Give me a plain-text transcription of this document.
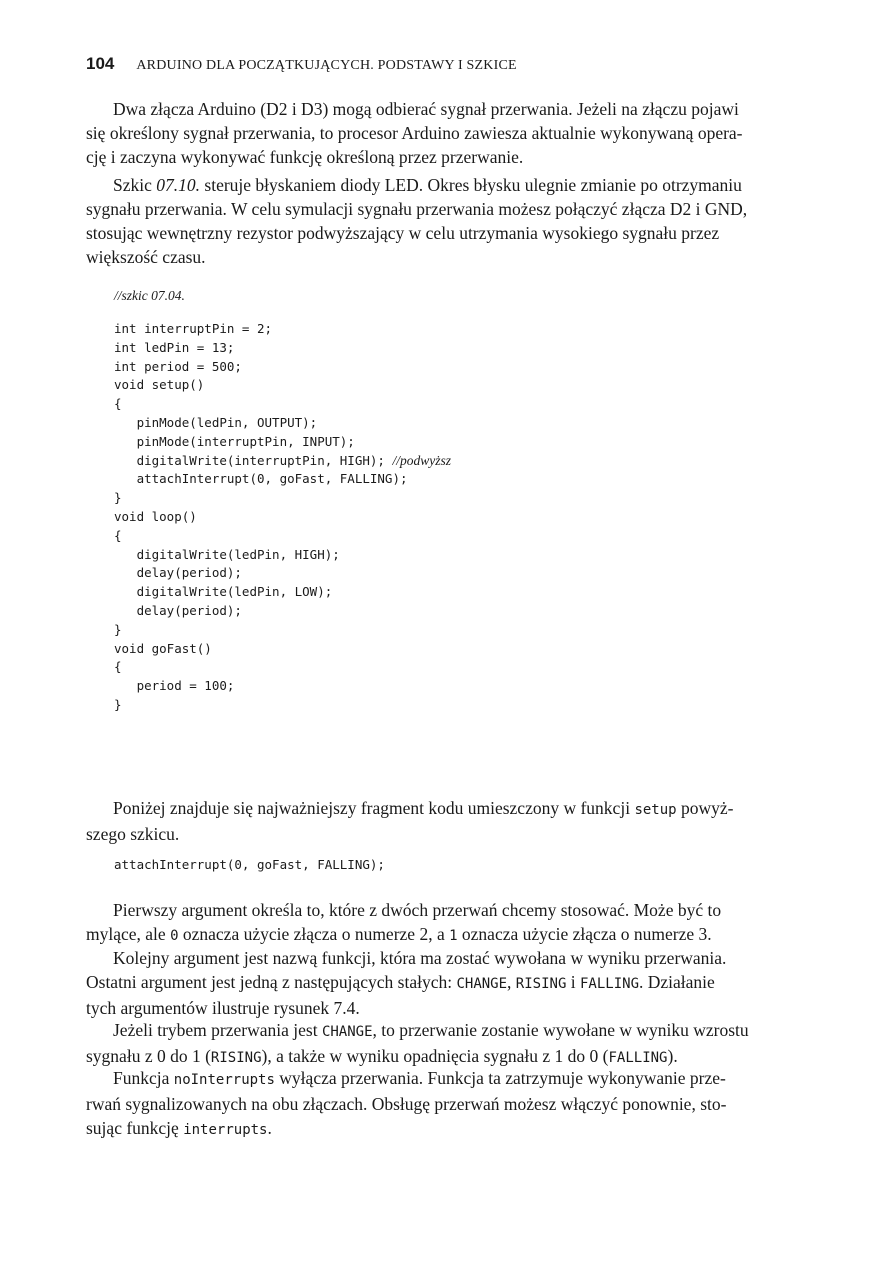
104 ARDUINO DLA POCZĄTKUJĄCYCH. PODSTAWY I SZKICE

Dwa złącza Arduino (D2 i D3) mogą odbierać sygnał przerwania. Jeżeli na złączu pojawi
się określony sygnał przerwania, to procesor Arduino zawiesza aktualnie wykonywaną opera-
cję i zaczyna wykonywać funkcję określoną przez przerwanie.

Szkic 07.10. steruje błyskaniem diody LED. Okres błysku ulegnie zmianie po otrzymaniu
sygnału przerwania. W celu symulacji sygnału przerwania możesz połączyć złącza D2 i GND,
stosując wewnętrzny rezystor podwyższający w celu utrzymania wysokiego sygnału przez
większość czasu.

//szkic 07.04.
int interruptPin = 2;
int ledPin = 13;
int period = 500;
void setup()
{
pinMode(ledPin, OUTPUT);
pinMode(interruptPin, INPUT);
digitalWrite(interruptPin, HIGH); //podwyższ
attachInterrupt(0, goFast, FALLING);
}
void loop()
{
digitalWrite(ledPin, HIGH);
delay(period);
digitalWrite(ledPin, LOW);
delay(period);
}
void goFast()
{
period = 100;
}

Poniżej znajduje się najważniejszy fragment kodu umieszczony w funkcji setup powyż-
szego szkicu.

attachInterrupt(0, goFast, FALLING);

Pierwszy argument określa to, które z dwóch przerwań chcemy stosować. Może być to
mylące, ale 0 oznacza użycie złącza o numerze 2, a 1 oznacza użycie złącza o numerze 3.

Kolejny argument jest nazwą funkcji, która ma zostać wywołana w wyniku przerwania.
Ostatni argument jest jedną z następujących stałych: CHANGE, RISING i FALLING. Działanie
tych argumentów ilustruje rysunek 7.4.

Jeżeli trybem przerwania jest CHANGE, to przerwanie zostanie wywołane w wyniku wzrostu
sygnału z 0 do 1 (RISING), a także w wyniku opadnięcia sygnału z 1 do 0 (FALLING).

Funkcja noInterrupts wyłącza przerwania. Funkcja ta zatrzymuje wykonywanie prze-
rwań sygnalizowanych na obu złączach. Obsługę przerwań możesz włączyć ponownie, sto-
sując funkcję interrupts.
